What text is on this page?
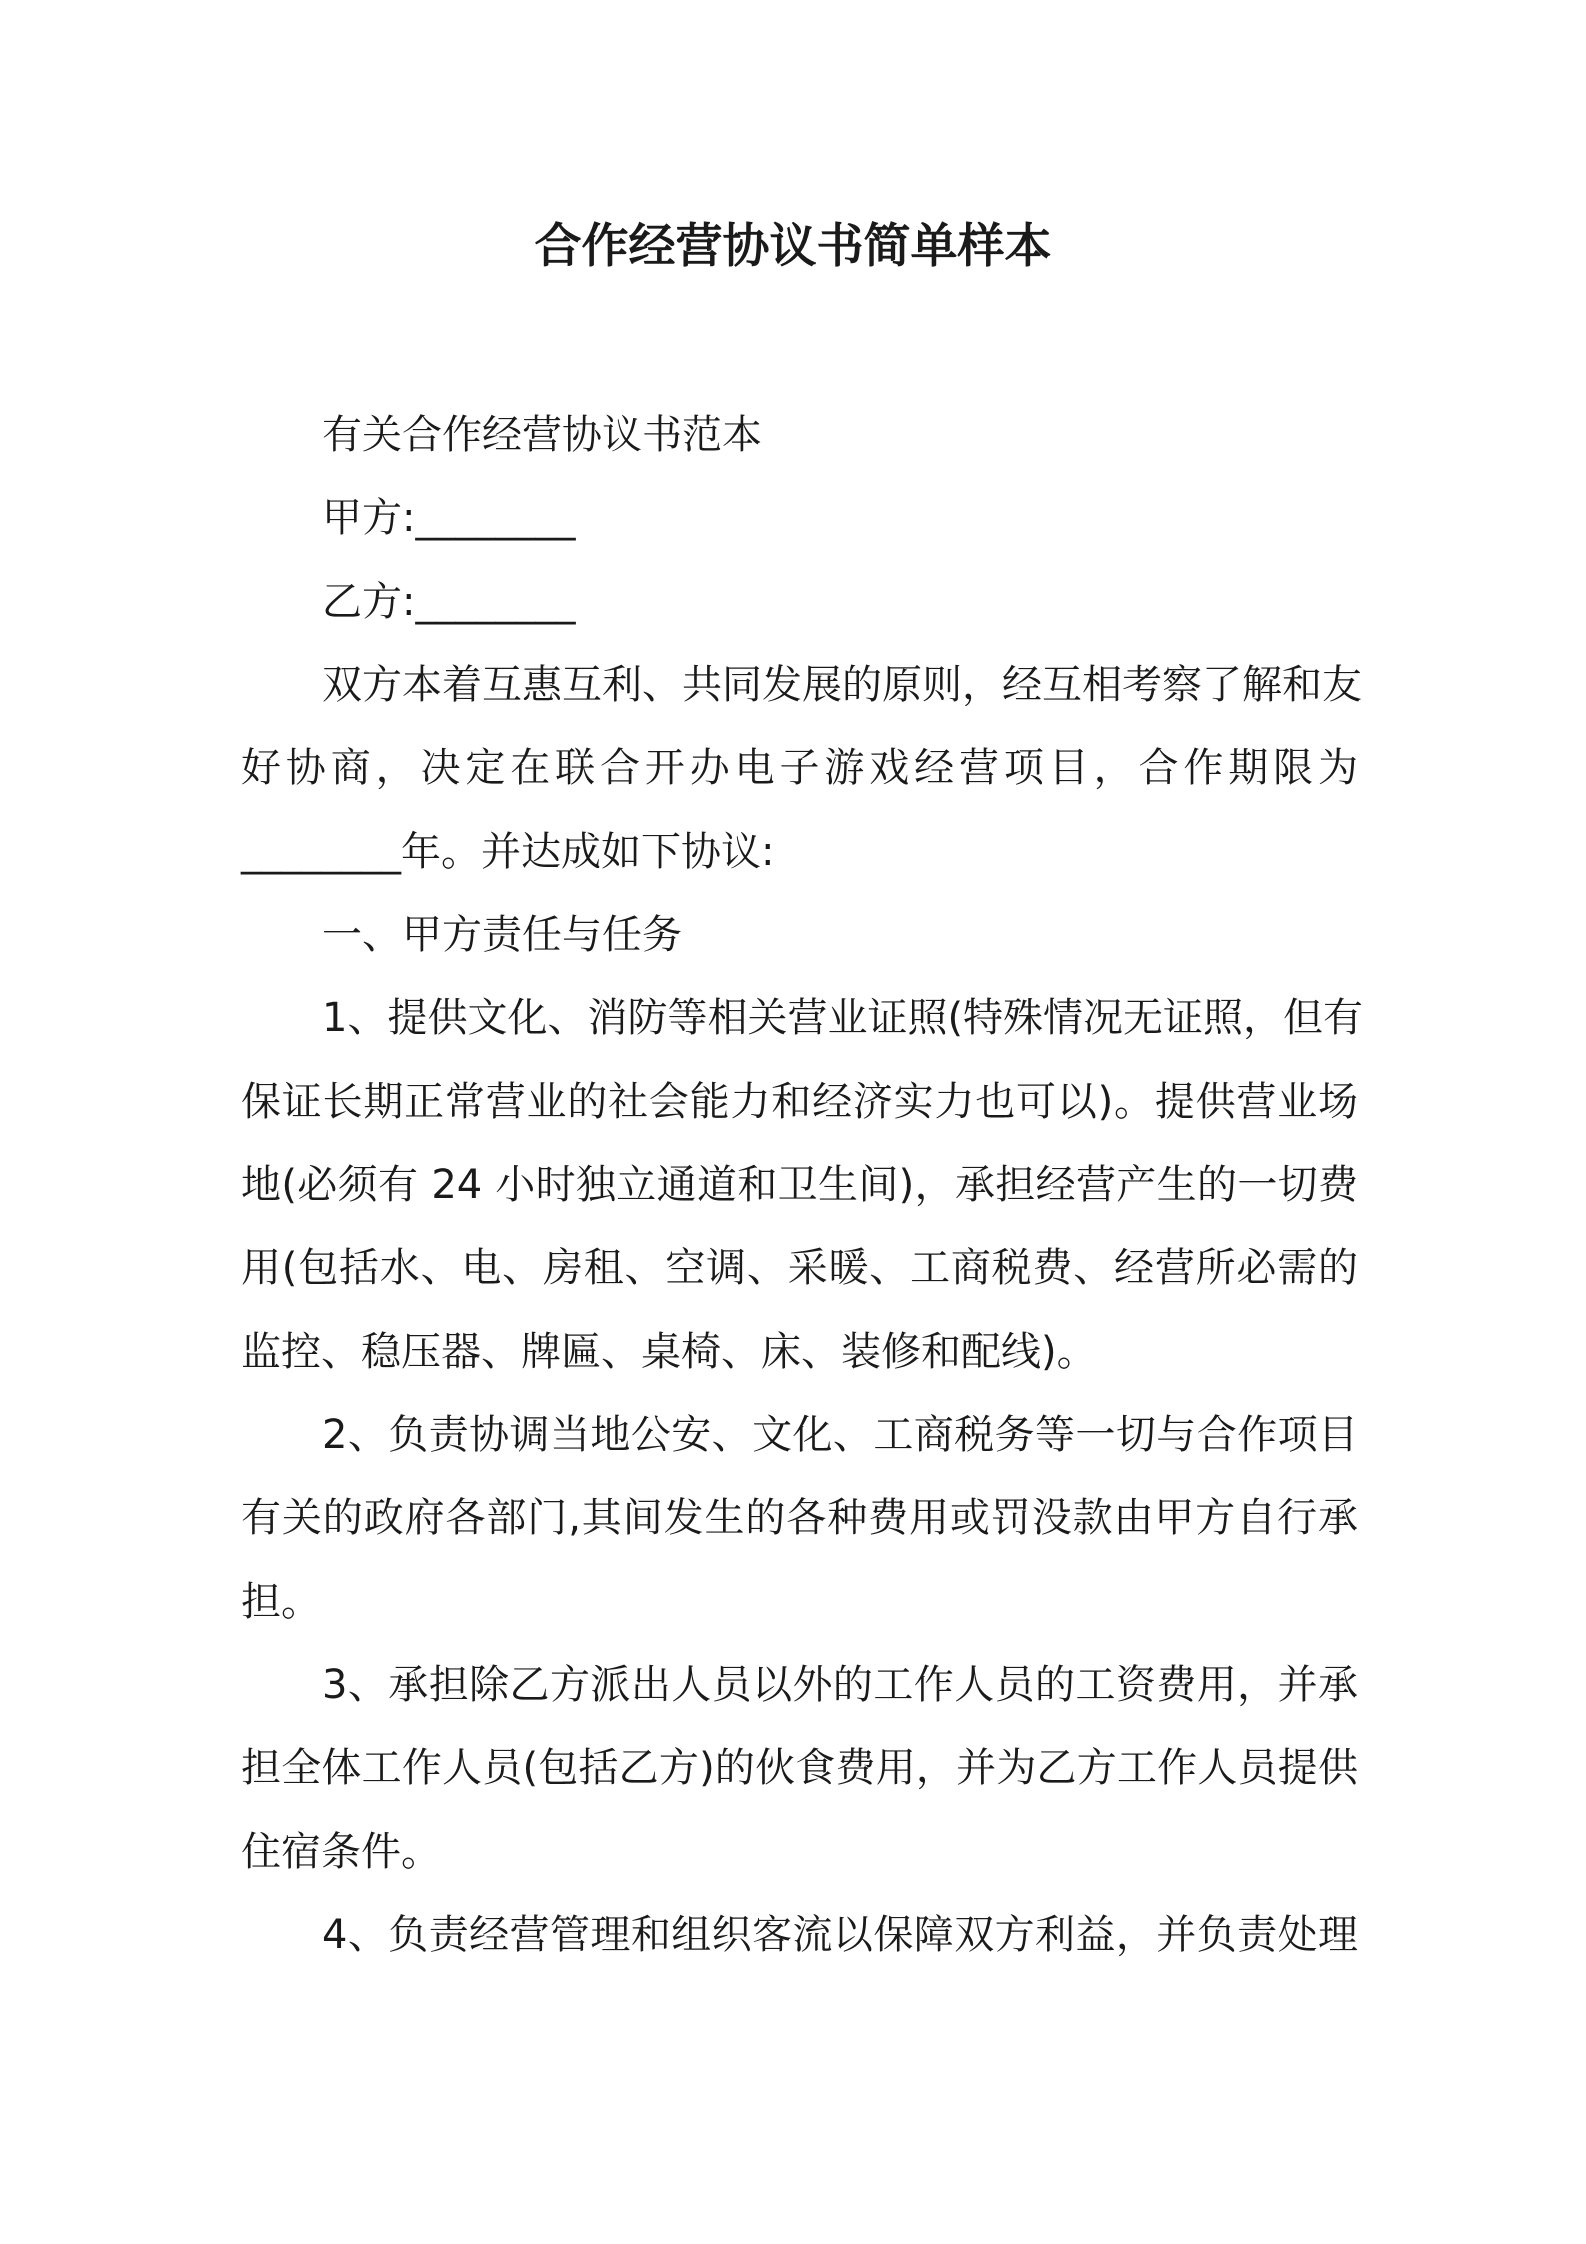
合作经营协议书简单样本

有关合作经营协议书范本

甲方:________

乙方:________

双方本着互惠互利、共同发展的原则，经互相考察了解和友

好协商，决定在联合开办电子游戏经营项目，合作期限为

________年。并达成如下协议:

一、甲方责任与任务

1、提供文化、消防等相关营业证照(特殊情况无证照，但有

保证长期正常营业的社会能力和经济实力也可以)。提供营业场

地(必须有 24 小时独立通道和卫生间)，承担经营产生的一切费

用(包括水、电、房租、空调、采暖、工商税费、经营所必需的

监控、稳压器、牌匾、桌椅、床、装修和配线)。

2、负责协调当地公安、文化、工商税务等一切与合作项目

有关的政府各部门,其间发生的各种费用或罚没款由甲方自行承

担。

3、承担除乙方派出人员以外的工作人员的工资费用，并承

担全体工作人员(包括乙方)的伙食费用，并为乙方工作人员提供

住宿条件。

4、负责经营管理和组织客流以保障双方利益，并负责处理
